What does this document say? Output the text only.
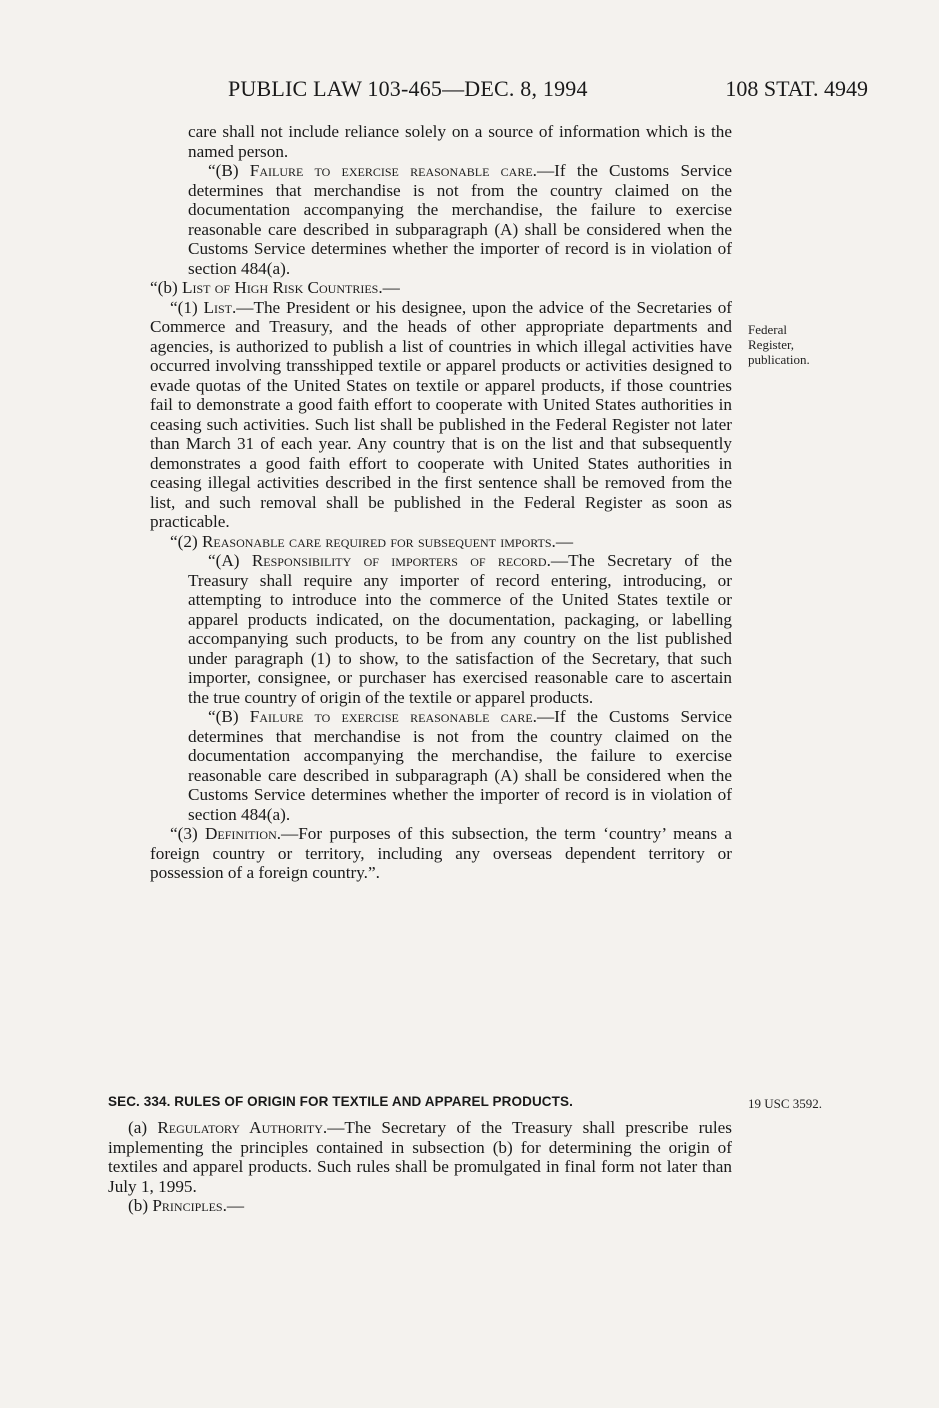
PUBLIC LAW 103-465—DEC. 8, 1994	108 STAT. 4949
Federal
Register,
publication.
19 USC 3592.

care shall not include reliance solely on a source of information which is the named person.

“(B) Failure to exercise reasonable care.—If the Customs Service determines that merchandise is not from the country claimed on the documentation accompanying the merchandise, the failure to exercise reasonable care described in subparagraph (A) shall be considered when the Customs Service determines whether the importer of record is in violation of section 484(a).

“(b) List of High Risk Countries.—

“(1) List.—The President or his designee, upon the advice of the Secretaries of Commerce and Treasury, and the heads of other appropriate departments and agencies, is authorized to publish a list of countries in which illegal activities have occurred involving transshipped textile or apparel products or activities designed to evade quotas of the United States on textile or apparel products, if those countries fail to demonstrate a good faith effort to cooperate with United States authorities in ceasing such activities. Such list shall be published in the Federal Register not later than March 31 of each year. Any country that is on the list and that subsequently demonstrates a good faith effort to cooperate with United States authorities in ceasing illegal activities described in the first sentence shall be removed from the list, and such removal shall be published in the Federal Register as soon as practicable.

“(2) Reasonable care required for subsequent imports.—

“(A) Responsibility of importers of record.—The Secretary of the Treasury shall require any importer of record entering, introducing, or attempting to introduce into the commerce of the United States textile or apparel products indicated, on the documentation, packaging, or labelling accompanying such products, to be from any country on the list published under paragraph (1) to show, to the satisfaction of the Secretary, that such importer, consignee, or purchaser has exercised reasonable care to ascertain the true country of origin of the textile or apparel products.

“(B) Failure to exercise reasonable care.—If the Customs Service determines that merchandise is not from the country claimed on the documentation accompanying the merchandise, the failure to exercise reasonable care described in subparagraph (A) shall be considered when the Customs Service determines whether the importer of record is in violation of section 484(a).

“(3) Definition.—For purposes of this subsection, the term ‘country’ means a foreign country or territory, including any overseas dependent territory or possession of a foreign country.”.

SEC. 334. RULES OF ORIGIN FOR TEXTILE AND APPAREL PRODUCTS.

(a) Regulatory Authority.—The Secretary of the Treasury shall prescribe rules implementing the principles contained in subsection (b) for determining the origin of textiles and apparel products. Such rules shall be promulgated in final form not later than July 1, 1995.

(b) Principles.—
